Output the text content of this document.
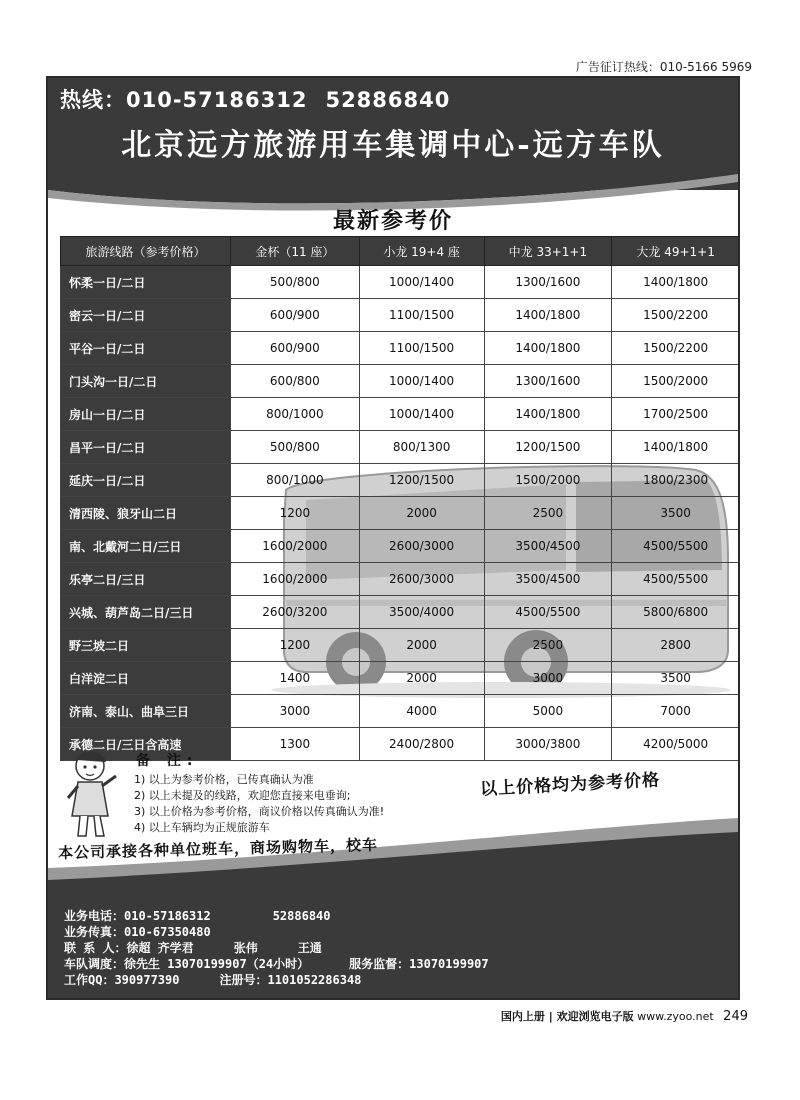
广告征订热线：010-5166 5969
热线：010-57186312 52886840
北京远方旅游用车集调中心-远方车队
最新参考价
旅游线路（参考价格）	金杯（11 座）	小龙 19+4 座	中龙 33+1+1	大龙 49+1+1
怀柔一日/二日	500/800	1000/1400	1300/1600	1400/1800
密云一日/二日	600/900	1100/1500	1400/1800	1500/2200
平谷一日/二日	600/900	1100/1500	1400/1800	1500/2200
门头沟一日/二日	600/800	1000/1400	1300/1600	1500/2000
房山一日/二日	800/1000	1000/1400	1400/1800	1700/2500
昌平一日/二日	500/800	800/1300	1200/1500	1400/1800
延庆一日/二日	800/1000	1200/1500	1500/2000	1800/2300
清西陵、狼牙山二日	1200	2000	2500	3500
南、北戴河二日/三日	1600/2000	2600/3000	3500/4500	4500/5500
乐亭二日/三日	1600/2000	2600/3000	3500/4500	4500/5500
兴城、葫芦岛二日/三日	2600/3200	3500/4000	4500/5500	5800/6800
野三坡二日	1200	2000	2500	2800
白洋淀二日	1400	2000	3000	3500
济南、泰山、曲阜三日	3000	4000	5000	7000
承德二日/三日含高速	1300	2400/2800	3000/3800	4200/5000
备 注:
1) 以上为参考价格，已传真确认为准
2) 以上未提及的线路，欢迎您直接来电垂询;
3) 以上价格为参考价格，商议价格以传真确认为准!
4) 以上车辆均为正规旅游车
以上价格均为参考价格
本公司承接各种单位班车，商场购物车，校车
业务电话：010-57186312	52886840
业务传真：010-67350480
联 系 人：徐超 齐学君	张伟	王通
车队调度：徐先生 13070199907（24小时）	服务监督：13070199907
工作QQ：390977390	注册号：1101052286348
国内上册 | 欢迎浏览电子版 www.zyoo.net 249
